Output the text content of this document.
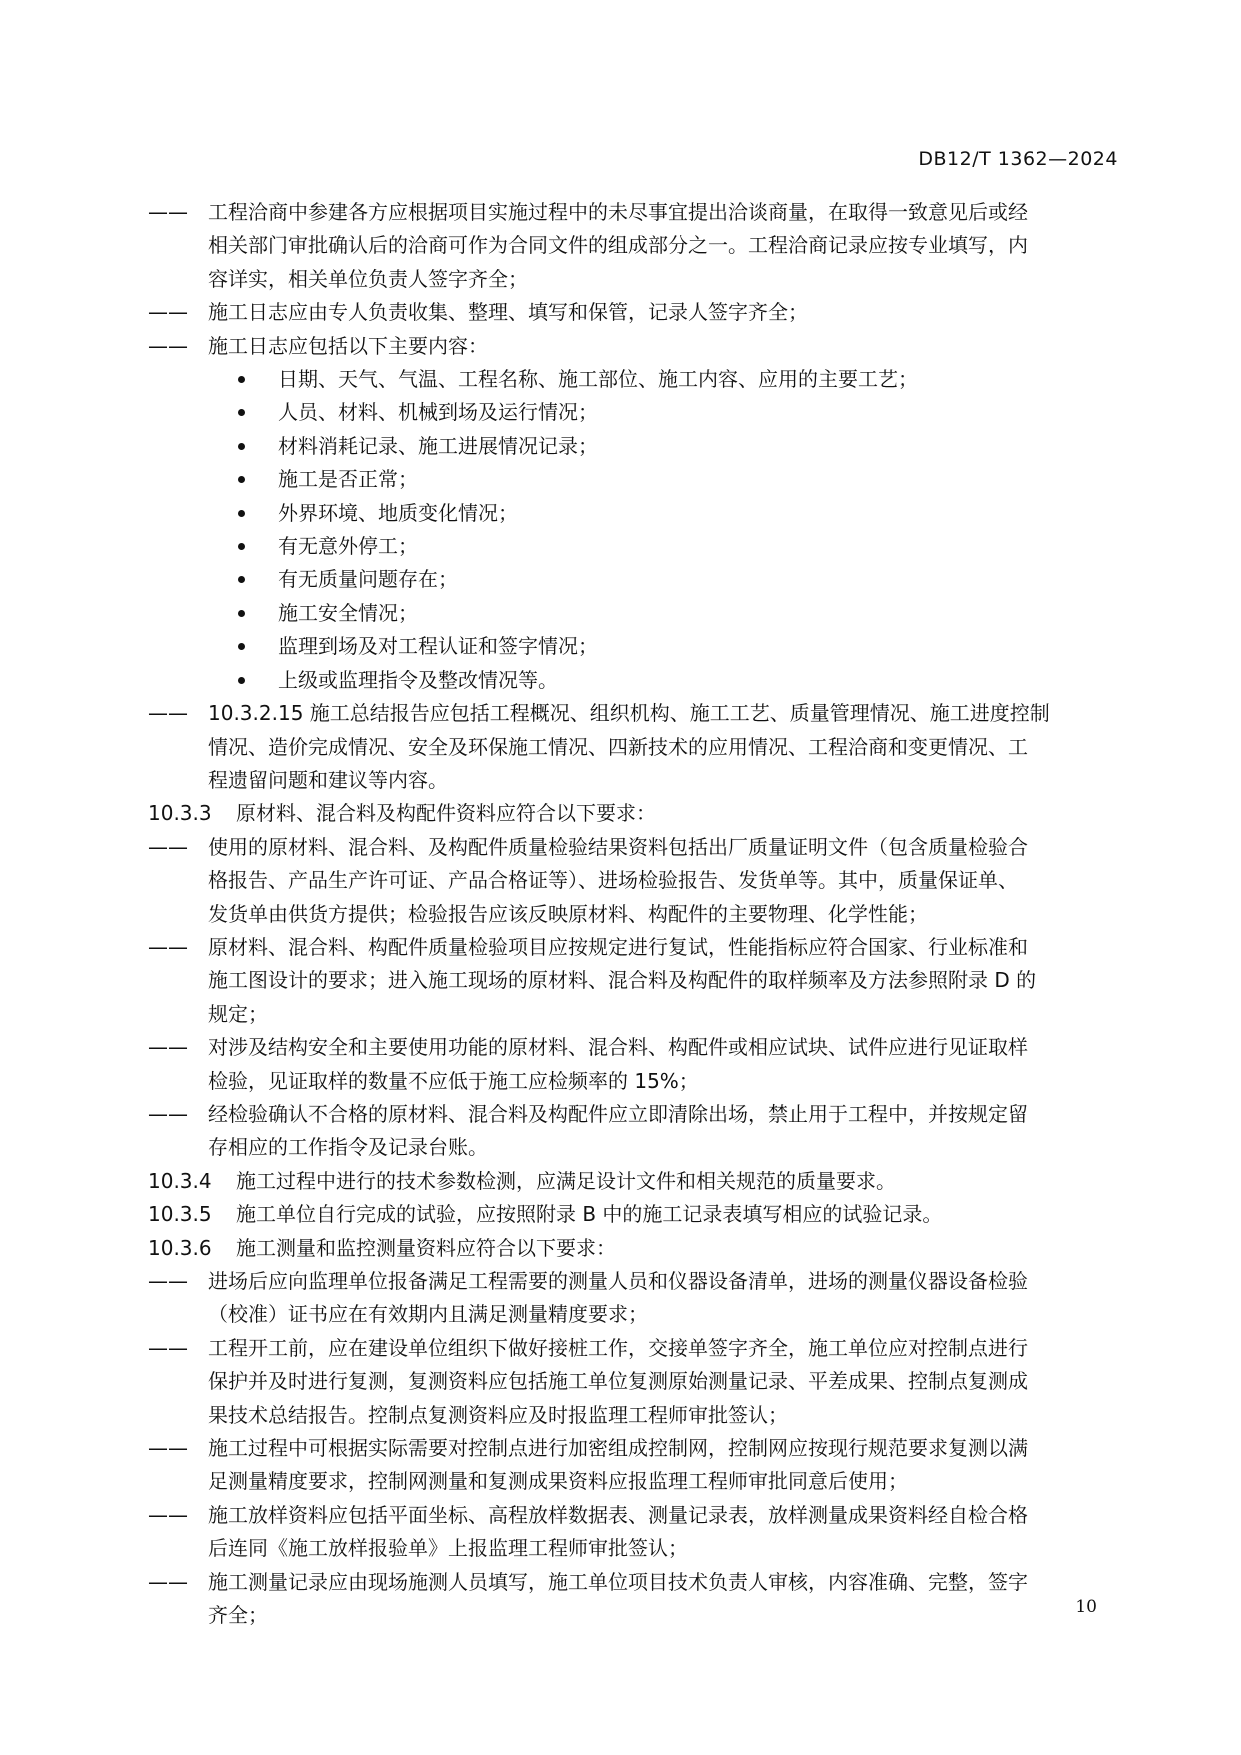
DB12/T 1362—2024
—— 工程洽商中参建各方应根据项目实施过程中的未尽事宜提出洽谈商量，在取得一致意见后或经
相关部门审批确认后的洽商可作为合同文件的组成部分之一。工程洽商记录应按专业填写，内
容详实，相关单位负责人签字齐全；
—— 施工日志应由专人负责收集、整理、填写和保管，记录人签字齐全；
—— 施工日志应包括以下主要内容：
日期、天气、气温、工程名称、施工部位、施工内容、应用的主要工艺；
人员、材料、机械到场及运行情况；
材料消耗记录、施工进展情况记录；
施工是否正常；
外界环境、地质变化情况；
有无意外停工；
有无质量问题存在；
施工安全情况；
监理到场及对工程认证和签字情况；
上级或监理指令及整改情况等。
—— 10.3.2.15 施工总结报告应包括工程概况、组织机构、施工工艺、质量管理情况、施工进度控制
情况、造价完成情况、安全及环保施工情况、四新技术的应用情况、工程洽商和变更情况、工
程遗留问题和建议等内容。
10.3.3 原材料、混合料及构配件资料应符合以下要求：
—— 使用的原材料、混合料、及构配件质量检验结果资料包括出厂质量证明文件（包含质量检验合
格报告、产品生产许可证、产品合格证等）、进场检验报告、发货单等。其中，质量保证单、
发货单由供货方提供；检验报告应该反映原材料、构配件的主要物理、化学性能；
—— 原材料、混合料、构配件质量检验项目应按规定进行复试，性能指标应符合国家、行业标准和
施工图设计的要求；进入施工现场的原材料、混合料及构配件的取样频率及方法参照附录 D 的
规定；
—— 对涉及结构安全和主要使用功能的原材料、混合料、构配件或相应试块、试件应进行见证取样
检验，见证取样的数量不应低于施工应检频率的 15%；
—— 经检验确认不合格的原材料、混合料及构配件应立即清除出场，禁止用于工程中，并按规定留
存相应的工作指令及记录台账。
10.3.4 施工过程中进行的技术参数检测，应满足设计文件和相关规范的质量要求。
10.3.5 施工单位自行完成的试验，应按照附录 B 中的施工记录表填写相应的试验记录。
10.3.6 施工测量和监控测量资料应符合以下要求：
—— 进场后应向监理单位报备满足工程需要的测量人员和仪器设备清单，进场的测量仪器设备检验
（校准）证书应在有效期内且满足测量精度要求；
—— 工程开工前，应在建设单位组织下做好接桩工作，交接单签字齐全，施工单位应对控制点进行
保护并及时进行复测，复测资料应包括施工单位复测原始测量记录、平差成果、控制点复测成
果技术总结报告。控制点复测资料应及时报监理工程师审批签认；
—— 施工过程中可根据实际需要对控制点进行加密组成控制网，控制网应按现行规范要求复测以满
足测量精度要求，控制网测量和复测成果资料应报监理工程师审批同意后使用；
—— 施工放样资料应包括平面坐标、高程放样数据表、测量记录表，放样测量成果资料经自检合格
后连同《施工放样报验单》上报监理工程师审批签认；
—— 施工测量记录应由现场施测人员填写，施工单位项目技术负责人审核，内容准确、完整，签字
齐全；	10
